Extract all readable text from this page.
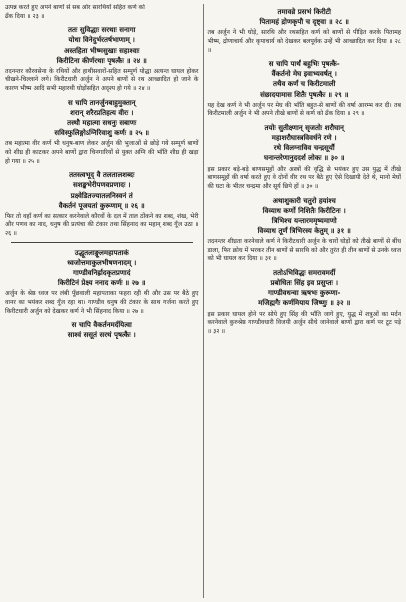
उत्पन्न करते हुए अपने बाणों से सब ओर सारथियों सहित कर्ण को
ढँक दिया ॥ २३ ॥
ततः सुविद्धाः सरथाः सनागा
योधा विनेदुर्भरतर्षभाणाम् ।
अस्तहिता भीष्मसुखाः सहाश्वाः
किरीटिना कीर्णरथाः पृषत्कैः ॥ २४ ॥
तदनन्तर कौरवसेना के रथियों और हाथीसवारों-सहित सम्पूर्ण योद्धा अत्यन्त घायल होकर चीखने-चिल्लाने लगे। किरीटधारी अर्जुन ने अपने बाणों से रथ आच्छादित हो जाने के कारण भीष्म आदि सभी महारथी घोड़ोंसहित अदृश्य हो गये ॥ २४ ॥
स चापि तानर्जुनबाहुमुक्तान्
शरान् शरैरप्रतिहत्य वीरः ।
तस्थौ महात्मा सधनुः सबाणः
सविस्फुलिङ्गोऽग्निरिवाशु कर्णः ॥ २५ ॥
तब महात्मा वीर कर्ण भी धनुष-बाण लेकर अर्जुन की भुजाओं से छोड़े गये सम्पूर्ण बाणों को शीघ्र ही काटकर अपने बाणों द्वारा चिनगारियों से युक्त अग्नि की भाँति शीघ्र ही खड़ा हो गया ॥ २५ ॥
ततस्त्वभूद् वै तलतालशब्दः
सशङ्खभेरीपणवप्रणादः ।
प्रक्ष्वेडितज्यातलनिस्वनं तं
वैकर्तनं पूजयतां कुरूणाम् ॥ २६ ॥
फिर तो वहाँ कर्ण का सत्कार करनेवाले कौरवों के दल में ताल ठोंकने का शब्द, शंख, भेरी और पणव का नाद, धनुष की प्रत्यंचा की टंकार तथा सिंहनाद का महान् शब्द गूँज उठा ॥ २६ ॥
उद्धूतलाङ्गूलमहापताकं
ध्वजोत्तमाकुलभीषणनादम् ।
गाण्डीवनिर्ह्रादकृतप्रणादं
किरीटिनं प्रेक्ष्य ननाद कर्णः ॥ २७ ॥
अर्जुन के श्रेष्ठ ध्वज पर लंबी पूँछवाली महापताका फहरा रही थी और उस पर बैठे हुए वानर का भयंकर शब्द गूँज रहा था। गाण्डीव धनुष की टंकार के साथ गर्जना करते हुए किरीटधारी अर्जुन को देखकर कर्ण ने भी सिंहनाद किया ॥ २७ ॥
स चापि वैकर्तनमर्दयित्वा
साश्वं ससूतं सरथं पृषत्कैः ।
तमावव्रे प्रसभं किरीटी
पितामहं द्रोणकृपौ च दृष्ट्वा ॥ २८ ॥
तब अर्जुन ने भी घोड़े, सारथि और रथसहित कर्ण को बाणों से पीड़ित करके पितामह भीष्म, द्रोणाचार्य और कृपाचार्य को देखकर बलपूर्वक उन्हें भी आच्छादित कर दिया ॥ २८ ॥
स चापि पार्थं बहुभिः पृषत्कै-
र्वैकर्तनो मेघ इवाभ्यवर्षत् ।
तथैव कर्णं च किरीटमाली
संछादयामास शितैः पृषत्कैः ॥ २९ ॥
यह देख कर्ण ने भी अर्जुन पर मेघ की भाँति बहुत-से बाणों की वर्षा आरम्भ कर दी। तब किरीटमाली अर्जुन ने भी अपने तीखे बाणों से कर्ण को ढँक दिया ॥ २९ ॥
तयोः सुतीक्ष्णान् सृजतोः शरौघान्
महाशरौघास्त्रविवर्धने रणे ।
रथे विलग्नाविव चन्द्रसूर्यौ
घनान्तरेणानुददर्श लोकः ॥ ३० ॥
इस प्रकार बड़े-बड़े बाणसमूहों और अस्त्रों की वृद्धि से भयंकर हुए उस युद्ध में तीखे बाणसमूहों की वर्षा करते हुए वे दोनों वीर रथ पर बैठे हुए ऐसे दिखायी देते थे, मानो मेघों की घटा के भीतर चन्द्रमा और सूर्य छिपे हों ॥ ३० ॥
अथाशुकारी चतुरो हयांश्च
विव्याध कर्णो निशितैः किरीटिनः ।
त्रिभिश्च यन्तारममृष्यमाणो
विव्याध तूर्णं त्रिभिरस्य केतुम् ॥ ३१ ॥
तदनन्तर शीघ्रता करनेवाले कर्ण ने किरीटधारी अर्जुन के चारों घोड़ों को तीखे बाणों से बींध डाला, फिर क्रोध में भरकर तीन बाणों से सारथि को और तुरंत ही तीन बाणों से उनके ध्वज को भी घायल कर दिया ॥ ३१ ॥
ततोऽभिविद्धः समरावमर्दी
प्रबोधितः सिंह इव प्रसुप्तः ।
गाण्डीवधन्वा ऋषभः कुरूणा-
मजिह्मगैः कर्णमियाय जिष्णुः ॥ ३२ ॥
इस प्रकार घायल होने पर सोये हुए सिंह की भाँति जागे हुए, युद्ध में शत्रुओं का मर्दन करनेवाले कुरुश्रेष्ठ गाण्डीवधारी विजयी अर्जुन सीधे जानेवाले बाणों द्वारा कर्ण पर टूट पड़े ॥ ३२ ॥
